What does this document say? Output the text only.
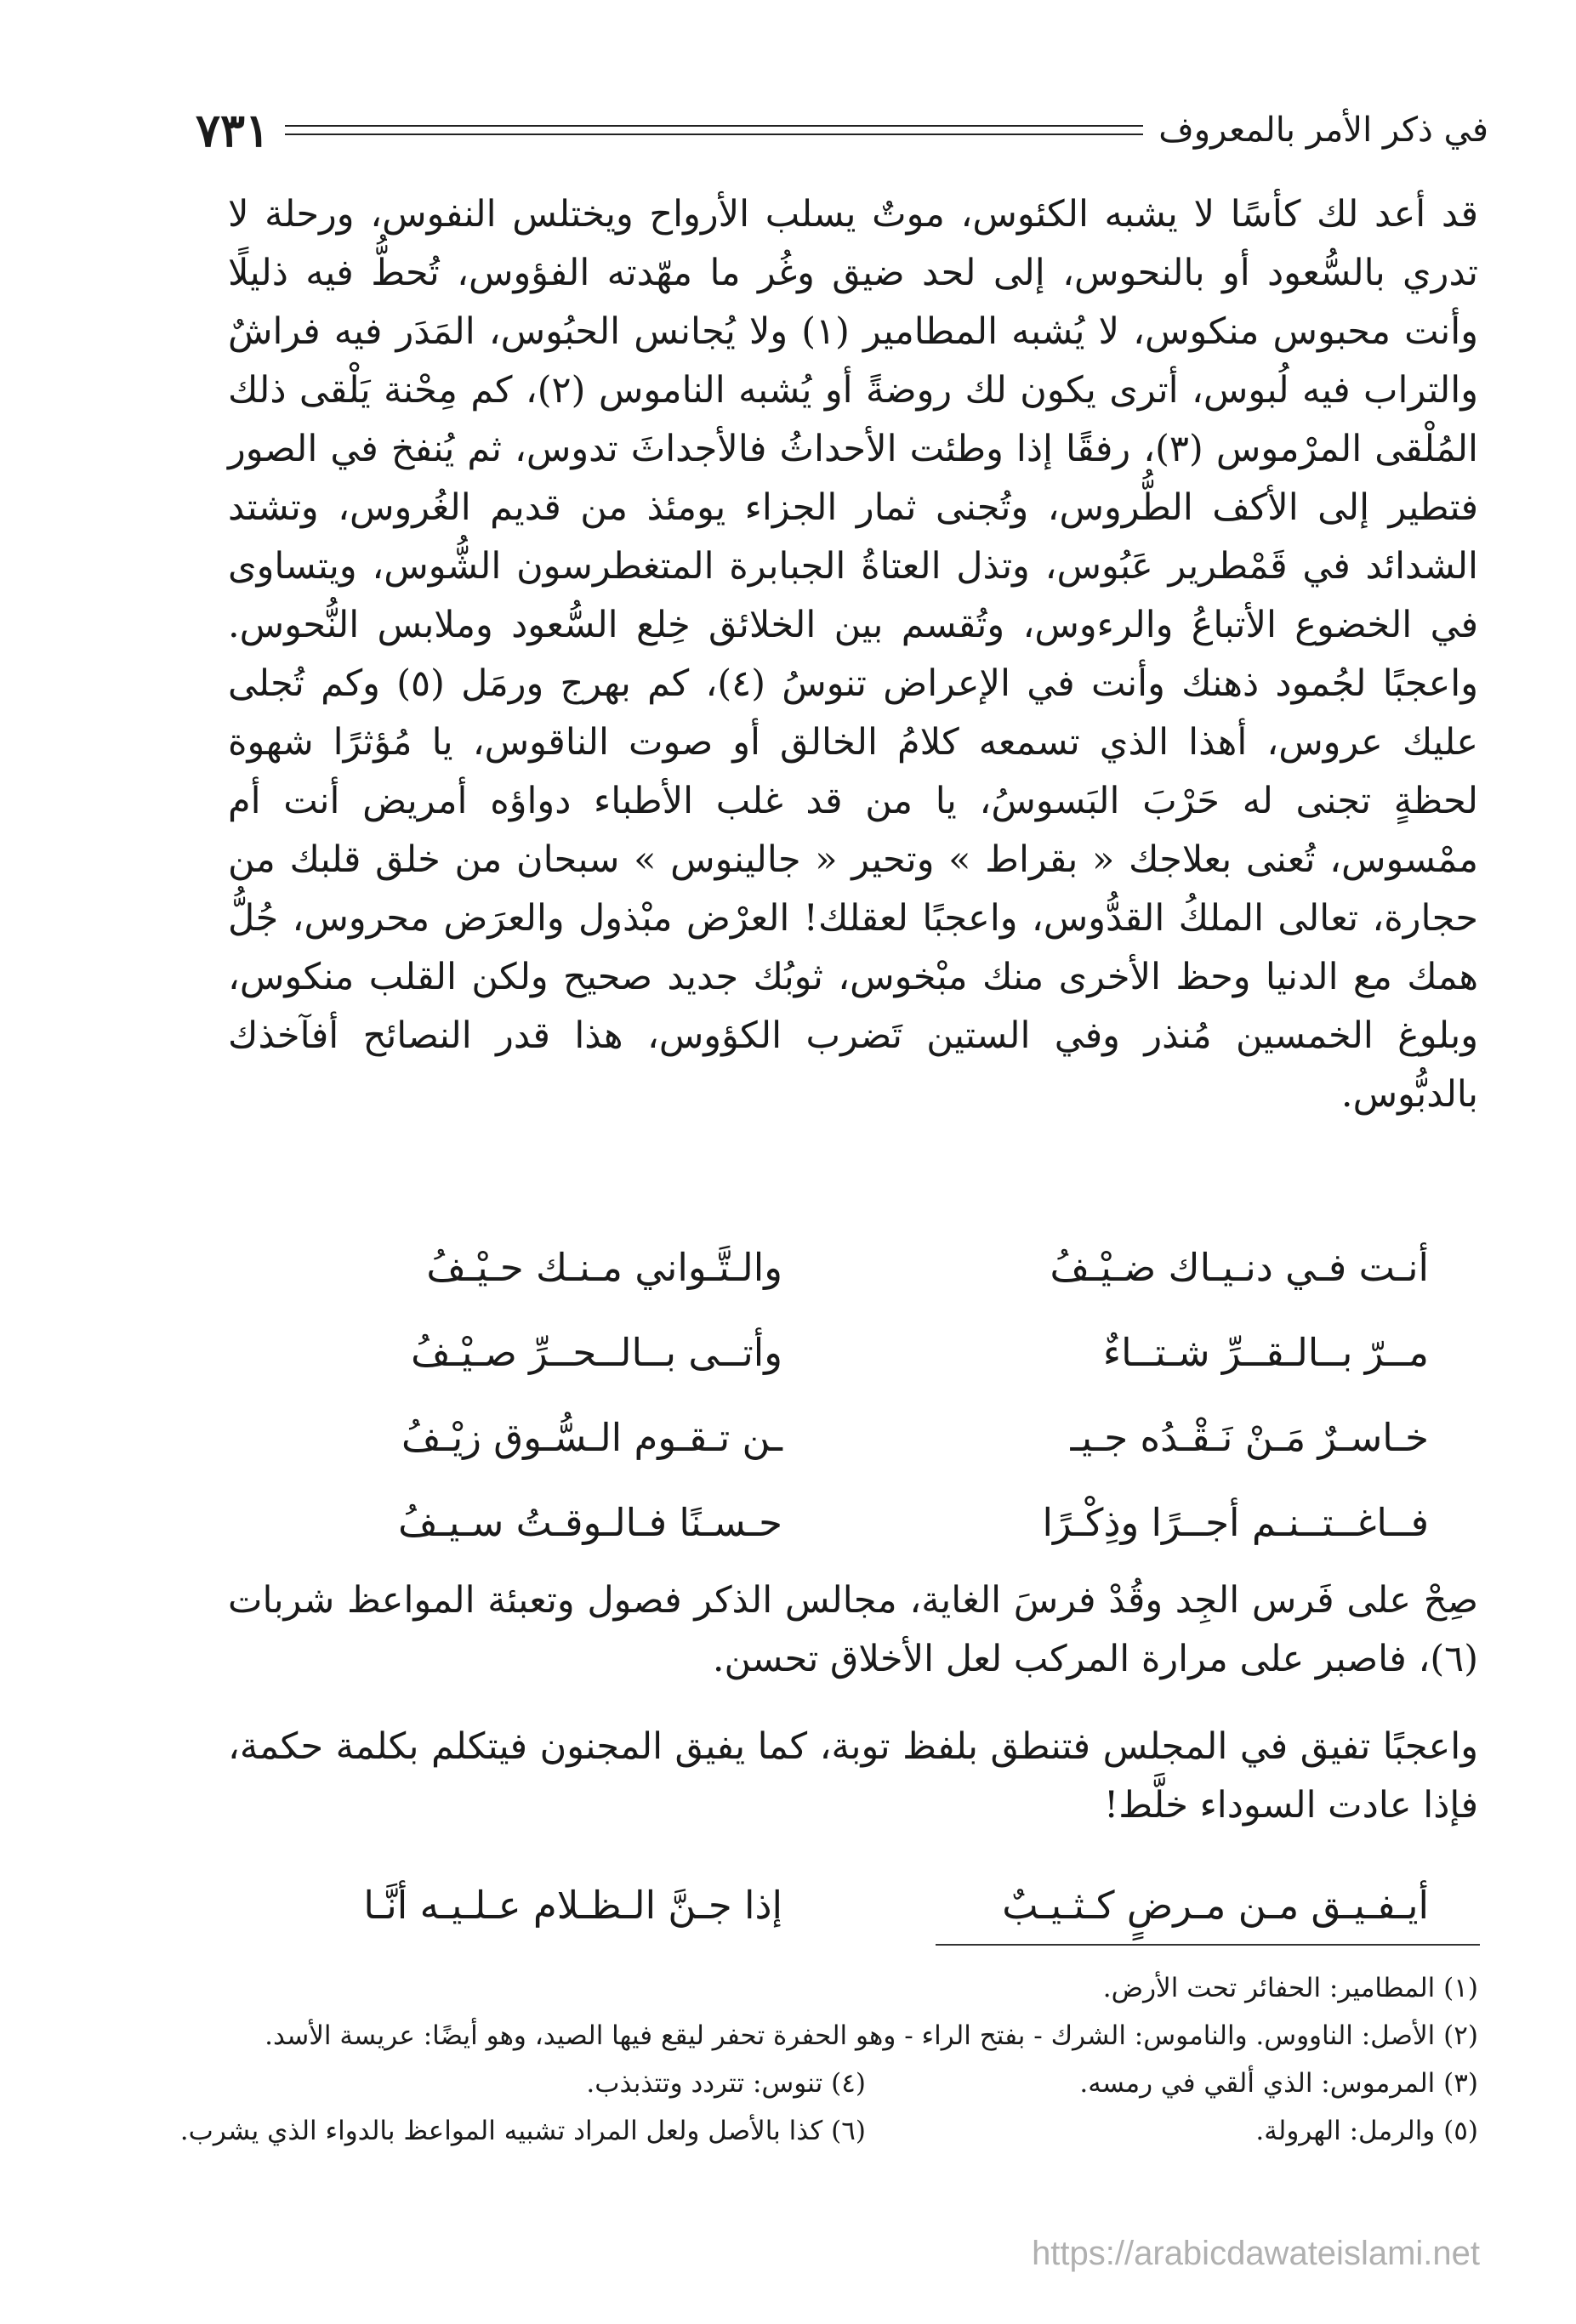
في ذكر الأمر بالمعروف
٧٣١

قد أعد لك كأسًا لا يشبه الكئوس، موتٌ يسلب الأرواح ويختلس النفوس، ورحلة لا تدري بالسُّعود أو بالنحوس، إلى لحد ضيق وغُر ما مهّدته الفؤوس، تُحطُّ فيه ذليلًا وأنت محبوس منكوس، لا يُشبه المطامير (١) ولا يُجانس الحبُوس، المَدَر فيه فراشٌ والتراب فيه لُبوس، أترى يكون لك روضةً أو يُشبه الناموس (٢)، كم مِحْنة يَلْقى ذلك المُلْقى المرْموس (٣)، رفقًا إذا وطئت الأحداثُ فالأجداثَ تدوس، ثم يُنفخ في الصور فتطير إلى الأكف الطُّروس، وتُجنى ثمار الجزاء يومئذ من قديم الغُروس، وتشتد الشدائد في قَمْطرير عَبُوس، وتذل العتاةُ الجبابرة المتغطرسون الشُّوس، ويتساوى في الخضوع الأتباعُ والرءوس، وتُقسم بين الخلائق خِلع السُّعود وملابس النُّحوس. واعجبًا لجُمود ذهنك وأنت في الإعراض تنوسُ (٤)، كم بهرج ورمَل (٥) وكم تُجلى عليك عروس، أهذا الذي تسمعه كلامُ الخالق أو صوت الناقوس، يا مُؤثرًا شهوة لحظةٍ تجنى له حَرْبَ البَسوسُ، يا من قد غلب الأطباء دواؤه أمريض أنت أم ممْسوس، تُعنى بعلاجك « بقراط » وتحير « جالينوس » سبحان من خلق قلبك من حجارة، تعالى الملكُ القدُّوس، واعجبًا لعقلك! العرْض مبْذول والعرَض محروس، جُلُّ همك مع الدنيا وحظ الأخرى منك مبْخوس، ثوبُك جديد صحيح ولكن القلب منكوس، وبلوغ الخمسين مُنذر وفي الستين تَضرب الكؤوس، هذا قدر النصائح أفآخذك بالدبُّوس.

أنـت فـي دنـيـاك ضـيْـفُ
والـتَّـواني مـنـك حـيْـفُ
مــرّ بــالـقــرِّ شـتــاءٌ
وأتــى بــالــحــرِّ صـيْـفُ
خـاسـرٌ مَـنْ نَـقْـدُه جـيـ
ـن تـقـوم الـسُّـوق زيْـفُ
فــاغــتــنـم أجــرًا وذِكْـرًا
حـسـنًا فـالـوقـتُ سـيـفُ

صِحْ على فَرس الجِد وقُدْ فرسَ الغاية، مجالس الذكر فصول وتعبئة المواعظ شربات (٦)، فاصبر على مرارة المركب لعل الأخلاق تحسن.

واعجبًا تفيق في المجلس فتنطق بلفظ توبة، كما يفيق المجنون فيتكلم بكلمة حكمة، فإذا عادت السوداء خلَّط!

أيـفـيـق مـن مـرضٍ كـثـيـبٌ
إذا جـنَّ الـظـلام عـلـيـه أنَّـا
(١) المطامير: الحفائر تحت الأرض.
(٢) الأصل: الناووس. والناموس: الشرك - بفتح الراء - وهو الحفرة تحفر ليقع فيها الصيد، وهو أيضًا: عريسة الأسد.
(٣) المرموس: الذي ألقي في رمسه.
(٤) تنوس: تتردد وتتذبذب.
(٥) والرمل: الهرولة.
(٦) كذا بالأصل ولعل المراد تشبيه المواعظ بالدواء الذي يشرب.
https://arabicdawateislami.net
